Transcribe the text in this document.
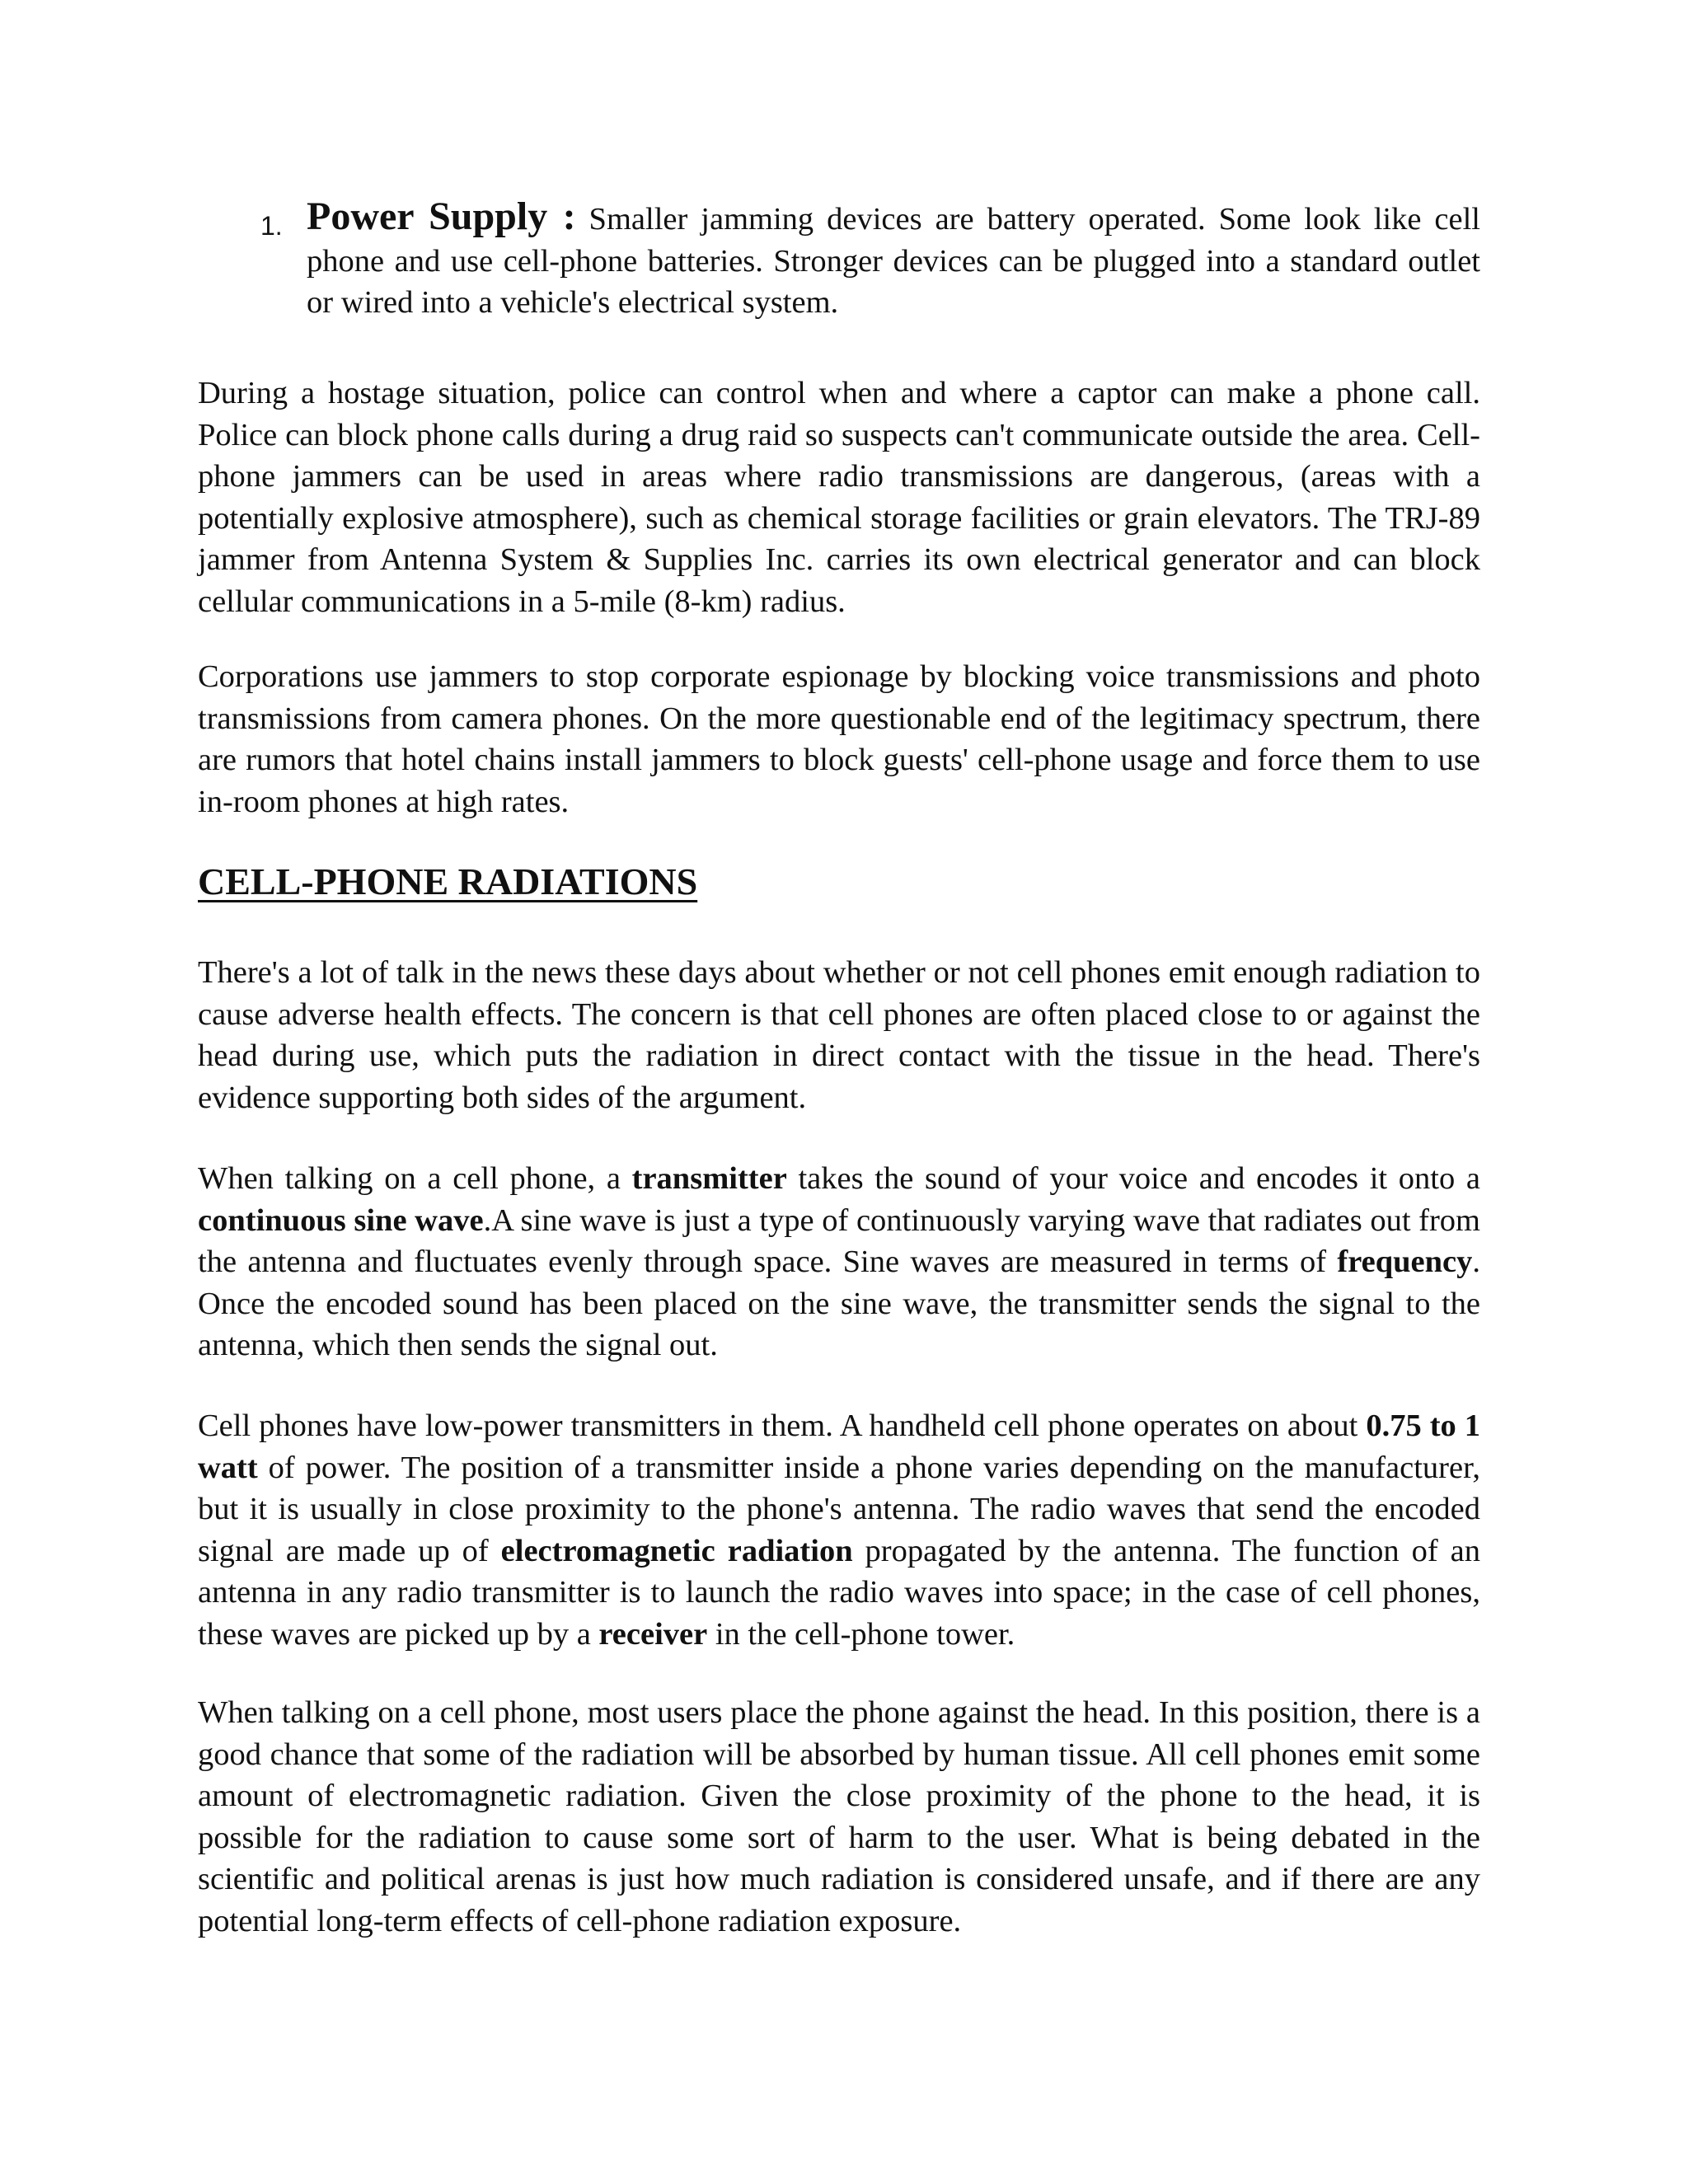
1. Power Supply : Smaller jamming devices are battery operated. Some look like cell phone and use cell-phone batteries. Stronger devices can be plugged into a standard outlet or wired into a vehicle's electrical system.

During a hostage situation, police can control when and where a captor can make a phone call. Police can block phone calls during a drug raid so suspects can't communicate outside the area. Cell-phone jammers can be used in areas where radio transmissions are dangerous, (areas with a potentially explosive atmosphere), such as chemical storage facilities or grain elevators. The TRJ-89 jammer from Antenna System & Supplies Inc. carries its own electrical generator and can block cellular communications in a 5-mile (8-km) radius.

Corporations use jammers to stop corporate espionage by blocking voice transmissions and photo transmissions from camera phones. On the more questionable end of the legitimacy spectrum, there are rumors that hotel chains install jammers to block guests' cell-phone usage and force them to use in-room phones at high rates.

CELL-PHONE RADIATIONS

There's a lot of talk in the news these days about whether or not cell phones emit enough radiation to cause adverse health effects. The concern is that cell phones are often placed close to or against the head during use, which puts the radiation in direct contact with the tissue in the head. There's evidence supporting both sides of the argument.

When talking on a cell phone, a transmitter takes the sound of your voice and encodes it onto a continuous sine wave.A sine wave is just a type of continuously varying wave that radiates out from the antenna and fluctuates evenly through space. Sine waves are measured in terms of frequency. Once the encoded sound has been placed on the sine wave, the transmitter sends the signal to the antenna, which then sends the signal out.

Cell phones have low-power transmitters in them. A handheld cell phone operates on about 0.75 to 1 watt of power. The position of a transmitter inside a phone varies depending on the manufacturer, but it is usually in close proximity to the phone's antenna. The radio waves that send the encoded signal are made up of electromagnetic radiation propagated by the antenna. The function of an antenna in any radio transmitter is to launch the radio waves into space; in the case of cell phones, these waves are picked up by a receiver in the cell-phone tower.

When talking on a cell phone, most users place the phone against the head. In this position, there is a good chance that some of the radiation will be absorbed by human tissue. All cell phones emit some amount of electromagnetic radiation. Given the close proximity of the phone to the head, it is possible for the radiation to cause some sort of harm to the user. What is being debated in the scientific and political arenas is just how much radiation is considered unsafe, and if there are any potential long-term effects of cell-phone radiation exposure.
